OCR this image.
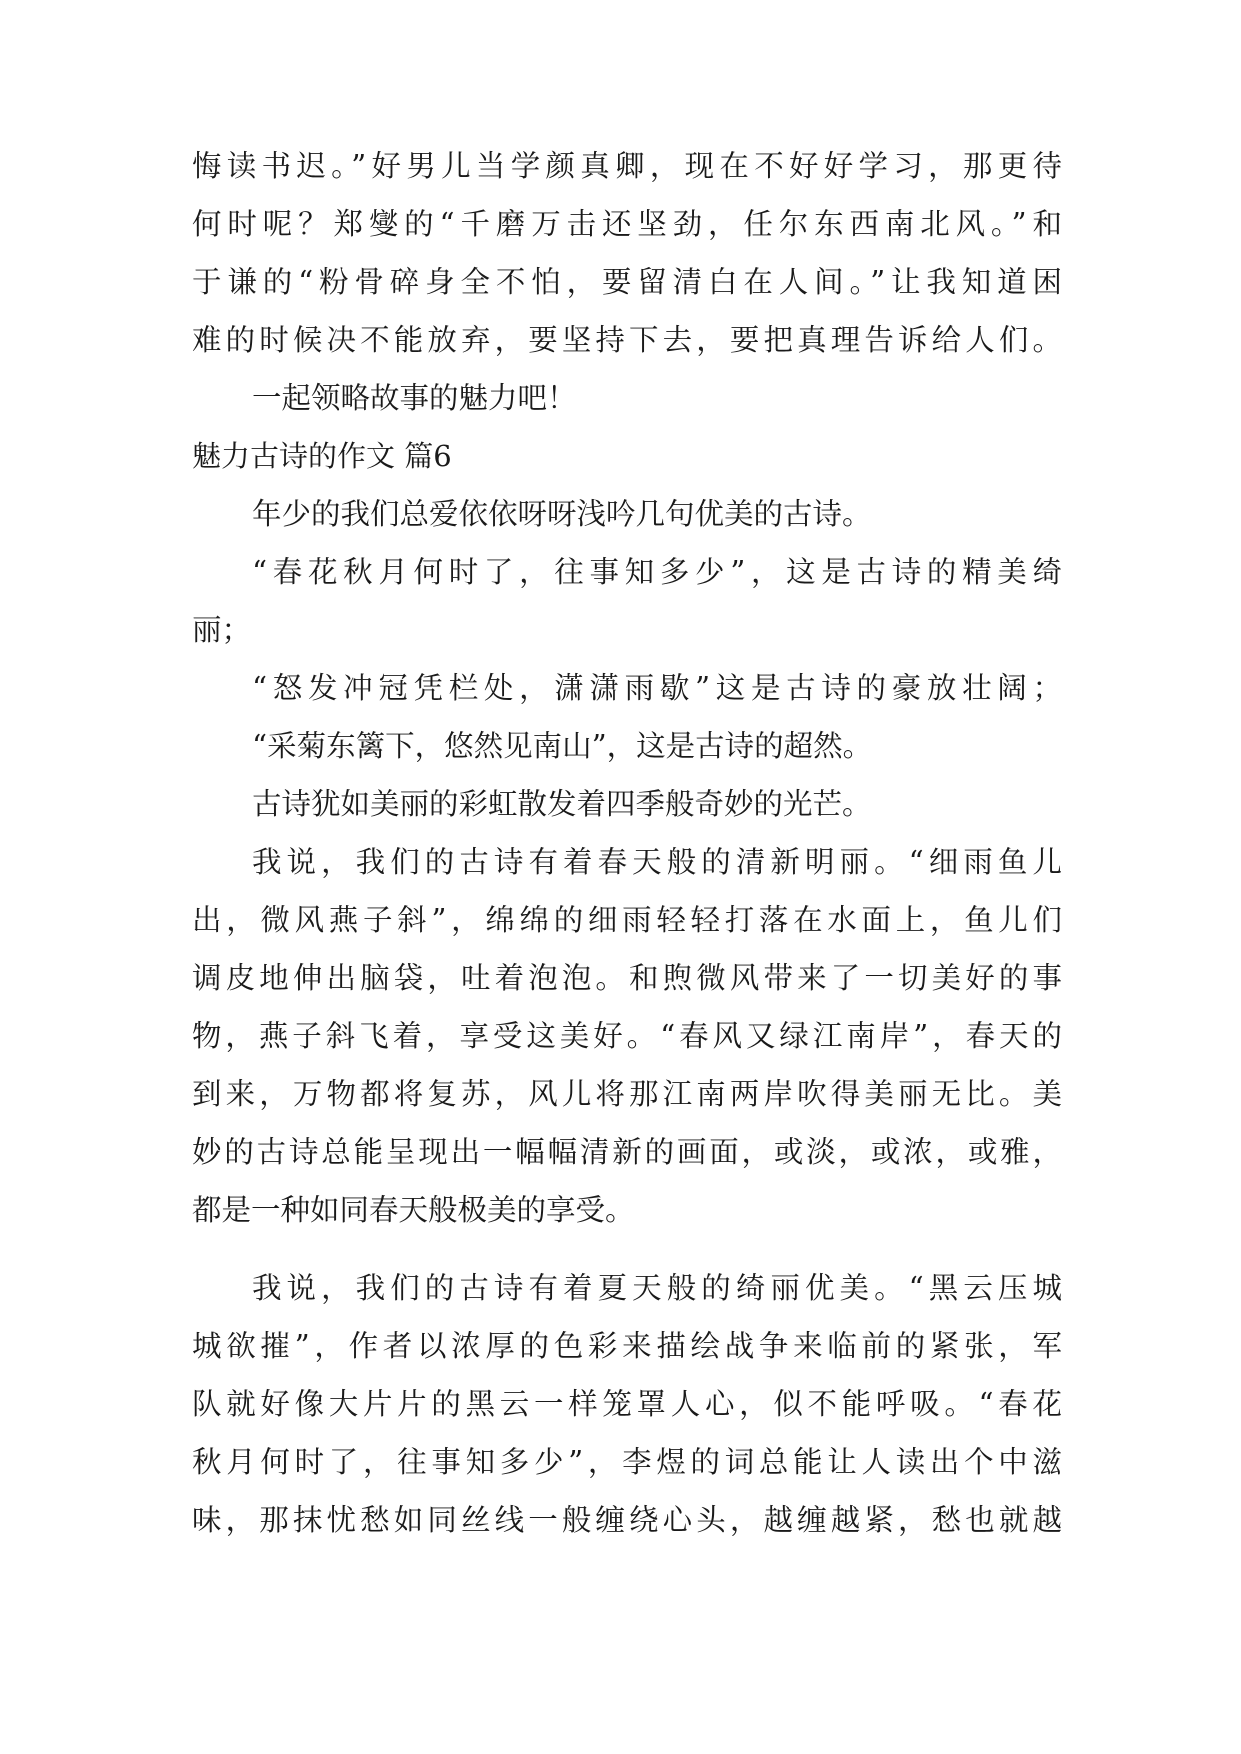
悔读书迟。”好男儿当学颜真卿，现在不好好学习，那更待
何时呢？郑燮的“千磨万击还坚劲，任尔东西南北风。”和
于谦的“粉骨碎身全不怕，要留清白在人间。”让我知道困
难的时候决不能放弃，要坚持下去，要把真理告诉给人们。
一起领略故事的魅力吧！
魅力古诗的作文 篇6
年少的我们总爱依依呀呀浅吟几句优美的古诗。
“春花秋月何时了，往事知多少”，这是古诗的精美绮
丽；
“怒发冲冠凭栏处，潇潇雨歇”这是古诗的豪放壮阔；
“采菊东篱下，悠然见南山”，这是古诗的超然。
古诗犹如美丽的彩虹散发着四季般奇妙的光芒。
我说，我们的古诗有着春天般的清新明丽。“细雨鱼儿
出，微风燕子斜”，绵绵的细雨轻轻打落在水面上，鱼儿们
调皮地伸出脑袋，吐着泡泡。和煦微风带来了一切美好的事
物，燕子斜飞着，享受这美好。“春风又绿江南岸”，春天的
到来，万物都将复苏，风儿将那江南两岸吹得美丽无比。美
妙的古诗总能呈现出一幅幅清新的画面，或淡，或浓，或雅，
都是一种如同春天般极美的享受。
我说，我们的古诗有着夏天般的绮丽优美。“黑云压城
城欲摧”，作者以浓厚的色彩来描绘战争来临前的紧张，军
队就好像大片片的黑云一样笼罩人心，似不能呼吸。“春花
秋月何时了，往事知多少”，李煜的词总能让人读出个中滋
味，那抹忧愁如同丝线一般缠绕心头，越缠越紧，愁也就越
